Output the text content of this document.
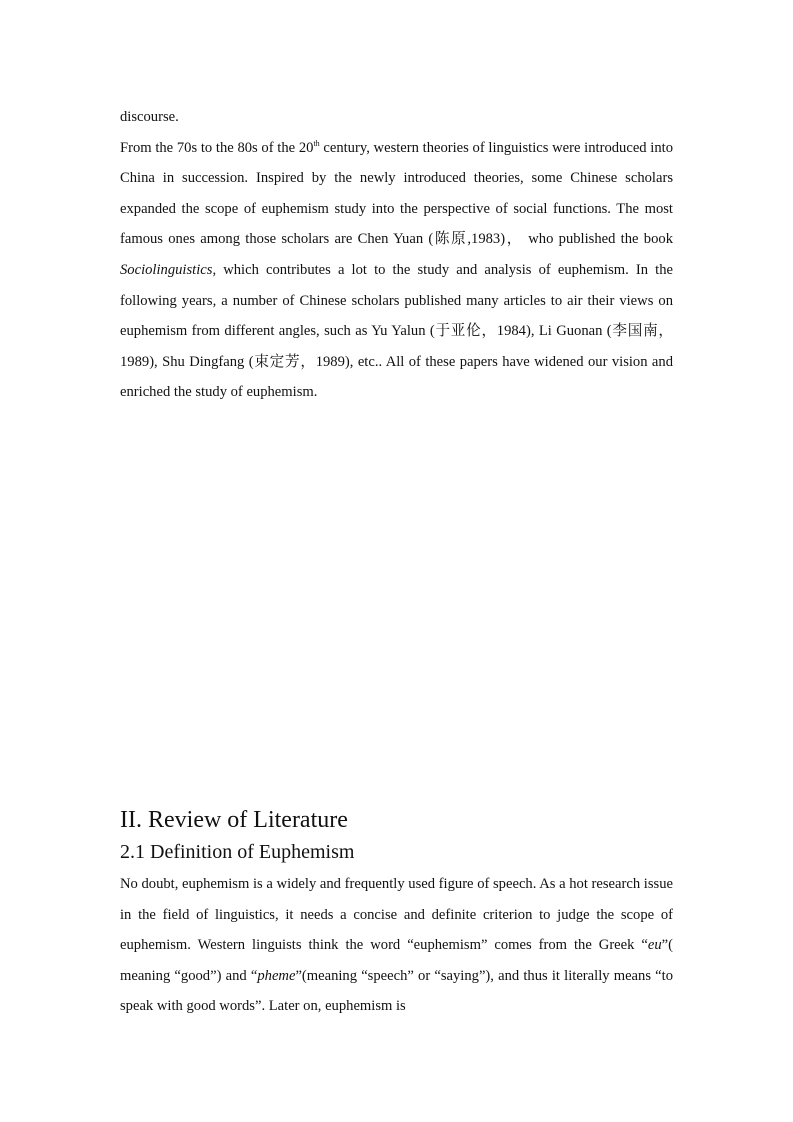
discourse.

From the 70s to the 80s of the 20th century, western theories of linguistics were introduced into China in succession. Inspired by the newly introduced theories, some Chinese scholars expanded the scope of euphemism study into the perspective of social functions. The most famous ones among those scholars are Chen Yuan (陈原,1983)， who published the book Sociolinguistics, which contributes a lot to the study and analysis of euphemism. In the following years, a number of Chinese scholars published many articles to air their views on euphemism from different angles, such as Yu Yalun (于亚伦，1984), Li Guonan (李国南，1989), Shu Dingfang (束定芳，1989), etc.. All of these papers have widened our vision and enriched the study of euphemism.

II. Review of Literature
2.1 Definition of Euphemism

No doubt, euphemism is a widely and frequently used figure of speech. As a hot research issue in the field of linguistics, it needs a concise and definite criterion to judge the scope of euphemism. Western linguists think the word “euphemism” comes from the Greek “eu”( meaning “good”) and “pheme”(meaning “speech” or “saying”), and thus it literally means “to speak with good words”. Later on, euphemism is
